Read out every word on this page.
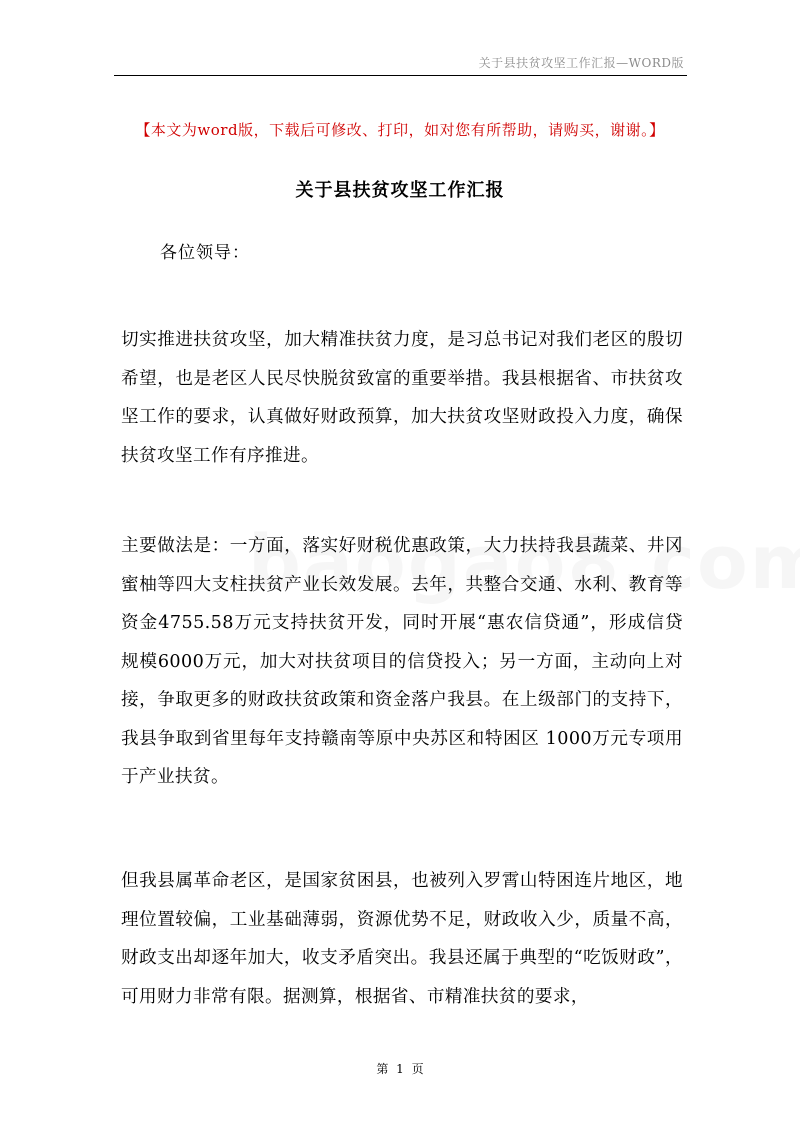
关于县扶贫攻坚工作汇报—WORD版
【本文为word版，下载后可修改、打印，如对您有所帮助，请购买，谢谢。】
关于县扶贫攻坚工作汇报
各位领导：

切实推进扶贫攻坚，加大精准扶贫力度，是习总书记对我们老区的殷切希望，也是老区人民尽快脱贫致富的重要举措。我县根据省、市扶贫攻坚工作的要求，认真做好财政预算，加大扶贫攻坚财政投入力度，确保扶贫攻坚工作有序推进。

主要做法是：一方面，落实好财税优惠政策，大力扶持我县蔬菜、井冈蜜柚等四大支柱扶贫产业长效发展。去年，共整合交通、水利、教育等资金4755.58万元支持扶贫开发，同时开展“惠农信贷通”，形成信贷规模6000万元，加大对扶贫项目的信贷投入；另一方面，主动向上对接，争取更多的财政扶贫政策和资金落户我县。在上级部门的支持下，我县争取到省里每年支持赣南等原中央苏区和特困区 1000万元专项用于产业扶贫。

但我县属革命老区，是国家贫困县，也被列入罗霄山特困连片地区，地理位置较偏，工业基础薄弱，资源优势不足，财政收入少，质量不高，财政支出却逐年加大，收支矛盾突出。我县还属于典型的“吃饭财政”，可用财力非常有限。据测算，根据省、市精准扶贫的要求，

第 1 页
